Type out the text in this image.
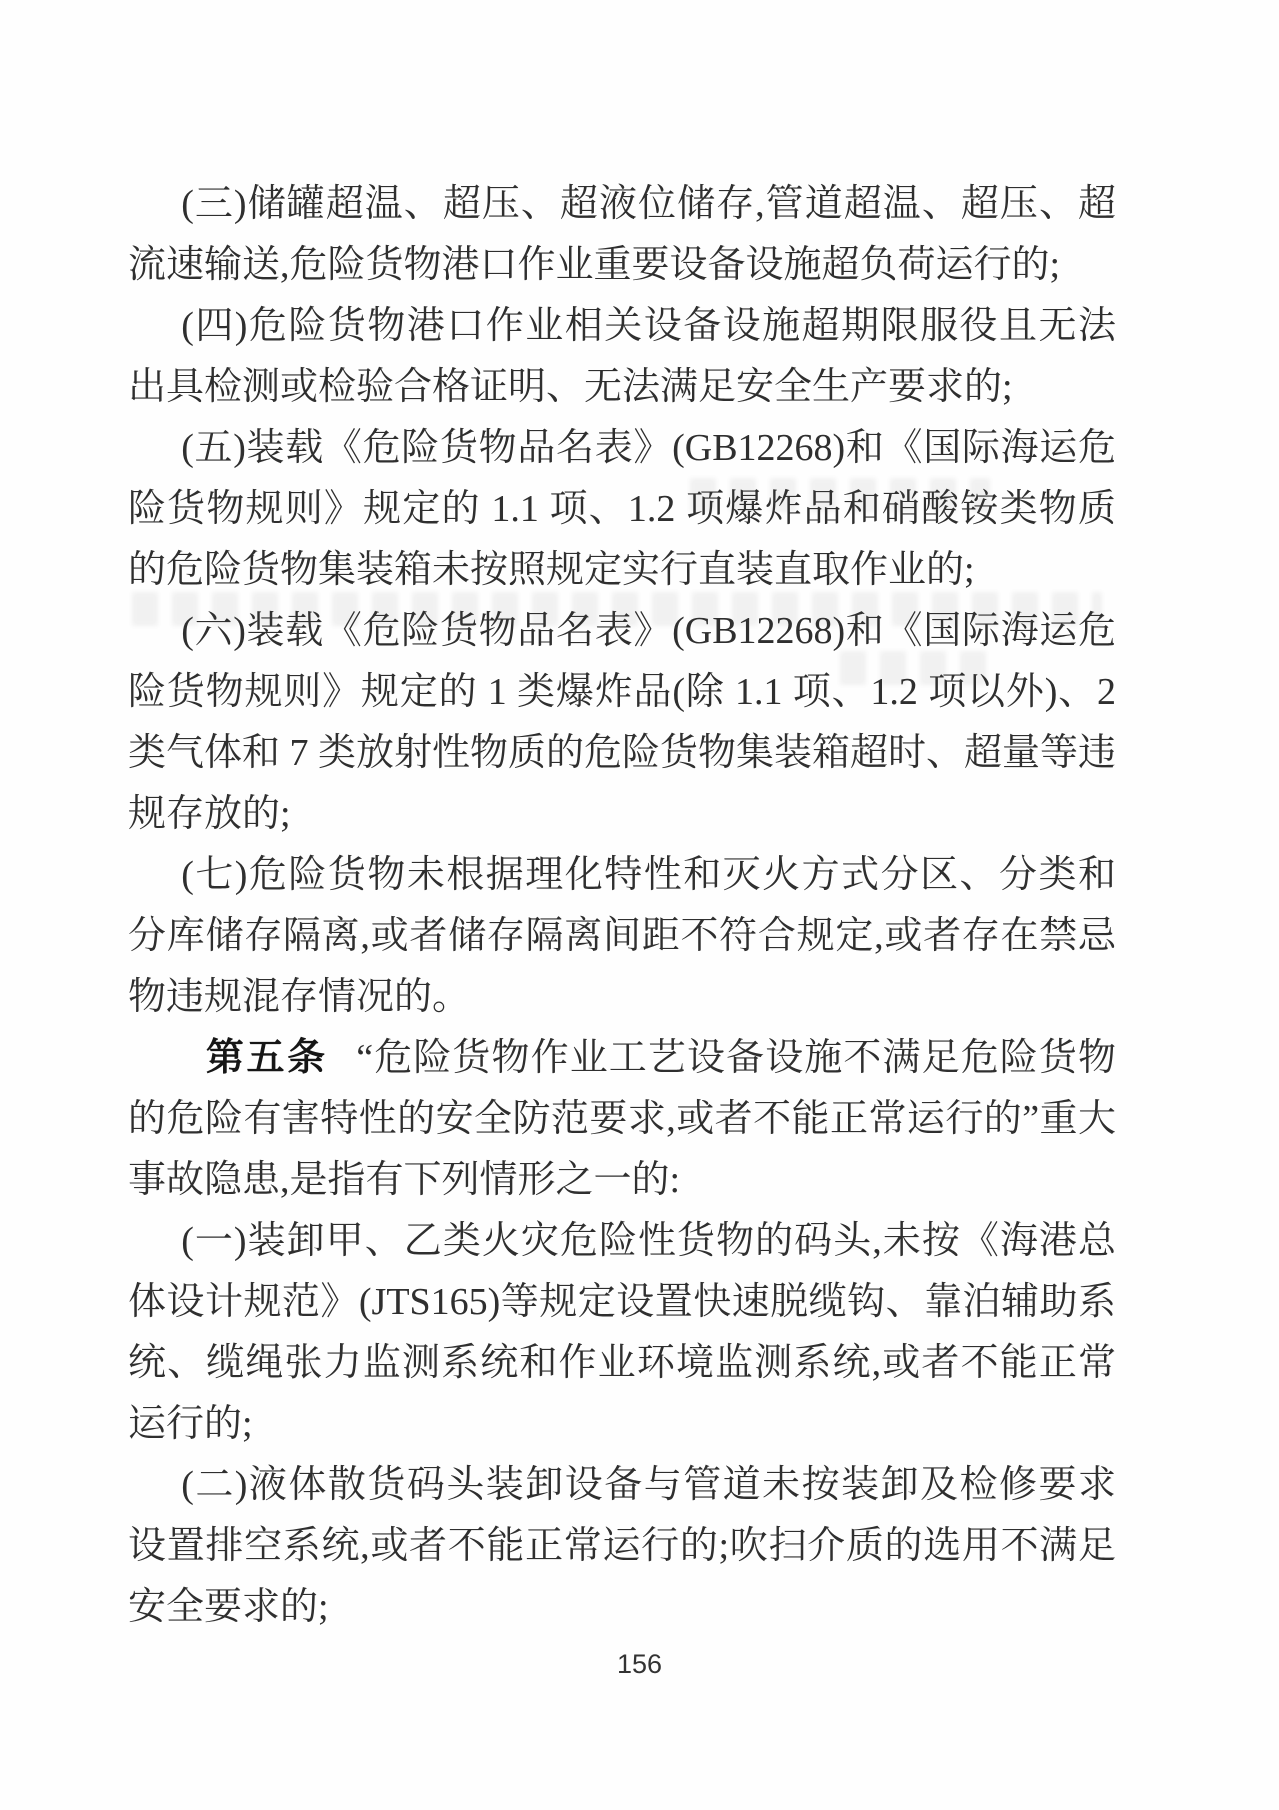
(三)储罐超温、超压、超液位储存,管道超温、超压、超流速输送,危险货物港口作业重要设备设施超负荷运行的;

(四)危险货物港口作业相关设备设施超期限服役且无法出具检测或检验合格证明、无法满足安全生产要求的;

(五)装载《危险货物品名表》(GB12268)和《国际海运危险货物规则》规定的 1.1 项、1.2 项爆炸品和硝酸铵类物质的危险货物集装箱未按照规定实行直装直取作业的;

(六)装载《危险货物品名表》(GB12268)和《国际海运危险货物规则》规定的 1 类爆炸品(除 1.1 项、1.2 项以外)、2 类气体和 7 类放射性物质的危险货物集装箱超时、超量等违规存放的;

(七)危险货物未根据理化特性和灭火方式分区、分类和分库储存隔离,或者储存隔离间距不符合规定,或者存在禁忌物违规混存情况的。

第五条 “危险货物作业工艺设备设施不满足危险货物的危险有害特性的安全防范要求,或者不能正常运行的”重大事故隐患,是指有下列情形之一的:

(一)装卸甲、乙类火灾危险性货物的码头,未按《海港总体设计规范》(JTS165)等规定设置快速脱缆钩、靠泊辅助系统、缆绳张力监测系统和作业环境监测系统,或者不能正常运行的;

(二)液体散货码头装卸设备与管道未按装卸及检修要求设置排空系统,或者不能正常运行的;吹扫介质的选用不满足安全要求的;

156
